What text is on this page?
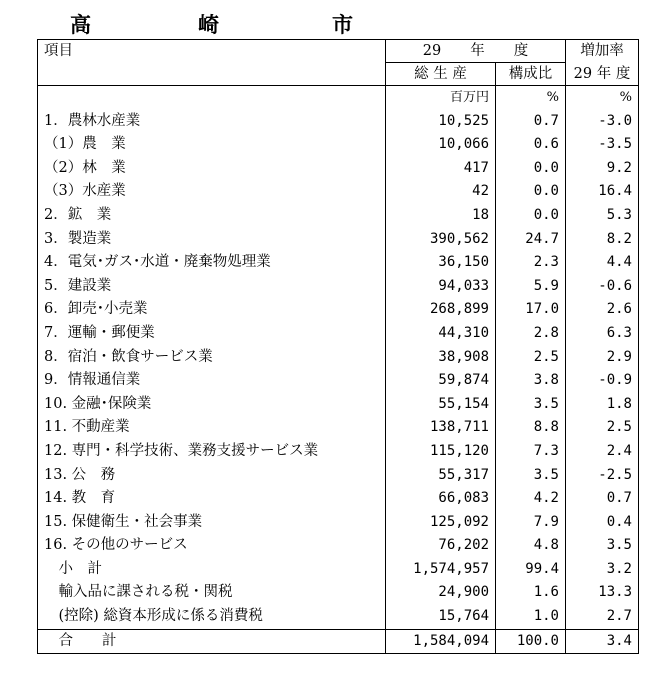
高	崎	市
項目	29　　年　　度		増加率
	総 生 産	構成比	29 年 度
	百万円	%	%
1．農林水産業	10,525	0.7	-3.0
（1）農　業	10,066	0.6	-3.5
（2）林　業	417	0.0	9.2
（3）水産業	42	0.0	16.4
2．鉱　業	18	0.0	5.3
3．製造業	390,562	24.7	8.2
4．電気･ガス･水道・廃棄物処理業	36,150	2.3	4.4
5．建設業	94,033	5.9	-0.6
6．卸売･小売業	268,899	17.0	2.6
7．運輸・郵便業	44,310	2.8	6.3
8．宿泊・飲食サービス業	38,908	2.5	2.9
9．情報通信業	59,874	3.8	-0.9
10. 金融･保険業	55,154	3.5	1.8
11. 不動産業	138,711	8.8	2.5
12. 専門・科学技術、業務支援サービス業	115,120	7.3	2.4
13. 公　務	55,317	3.5	-2.5
14. 教　育	66,083	4.2	0.7
15. 保健衛生・社会事業	125,092	7.9	0.4
16. その他のサービス	76,202	4.8	3.5
　小　計	1,574,957	99.4	3.2
　輸入品に課される税・関税	24,900	1.6	13.3
　(控除) 総資本形成に係る消費税	15,764	1.0	2.7
　合　　計	1,584,094	100.0	3.4
